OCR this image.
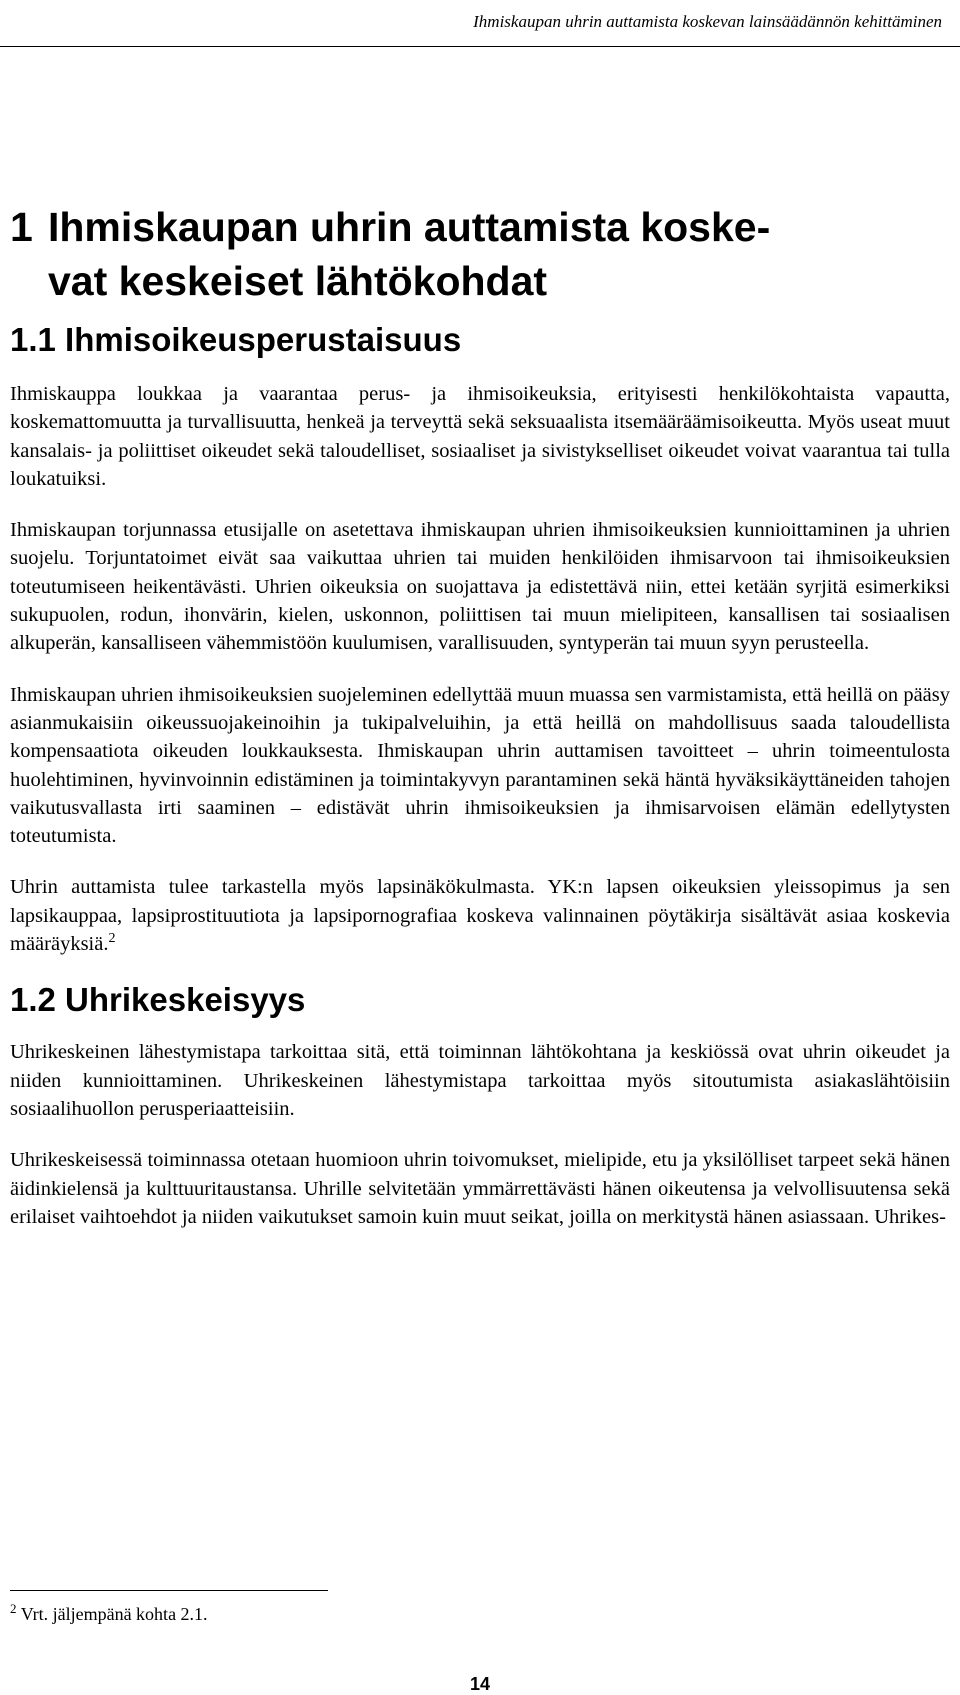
Ihmiskaupan uhrin auttamista koskevan lainsäädännön kehittäminen
1 Ihmiskaupan uhrin auttamista koske-
vat keskeiset lähtökohdat
1.1 Ihmisoikeusperustaisuus

Ihmiskauppa loukkaa ja vaarantaa perus- ja ihmisoikeuksia, erityisesti henkilökohtaista vapautta, koskemattomuutta ja turvallisuutta, henkeä ja terveyttä sekä seksuaalista itsemääräämisoikeutta. Myös useat muut kansalais- ja poliittiset oikeudet sekä taloudelliset, sosiaaliset ja sivistykselliset oikeudet voivat vaarantua tai tulla loukatuiksi.

Ihmiskaupan torjunnassa etusijalle on asetettava ihmiskaupan uhrien ihmisoikeuksien kunnioittaminen ja uhrien suojelu. Torjuntatoimet eivät saa vaikuttaa uhrien tai muiden henkilöiden ihmisarvoon tai ihmisoikeuksien toteutumiseen heikentävästi. Uhrien oikeuksia on suojattava ja edistettävä niin, ettei ketään syrjitä esimerkiksi sukupuolen, rodun, ihonvärin, kielen, uskonnon, poliittisen tai muun mielipiteen, kansallisen tai sosiaalisen alkuperän, kansalliseen vähemmistöön kuulumisen, varallisuuden, syntyperän tai muun syyn perusteella.

Ihmiskaupan uhrien ihmisoikeuksien suojeleminen edellyttää muun muassa sen varmistamista, että heillä on pääsy asianmukaisiin oikeussuojakeinoihin ja tukipalveluihin, ja että heillä on mahdollisuus saada taloudellista kompensaatiota oikeuden loukkauksesta. Ihmiskaupan uhrin auttamisen tavoitteet – uhrin toimeentulosta huolehtiminen, hyvinvoinnin edistäminen ja toimintakyvyn parantaminen sekä häntä hyväksikäyttäneiden tahojen vaikutusvallasta irti saaminen – edistävät uhrin ihmisoikeuksien ja ihmisarvoisen elämän edellytysten toteutumista.

Uhrin auttamista tulee tarkastella myös lapsinäkökulmasta. YK:n lapsen oikeuksien yleissopimus ja sen lapsikauppaa, lapsiprostituutiota ja lapsipornografiaa koskeva valinnainen pöytäkirja sisältävät asiaa koskevia määräyksiä.$^2$

1.2 Uhrikeskeisyys

Uhrikeskeinen lähestymistapa tarkoittaa sitä, että toiminnan lähtökohtana ja keskiössä ovat uhrin oikeudet ja niiden kunnioittaminen. Uhrikeskeinen lähestymistapa tarkoittaa myös sitoutumista asiakaslähtöisiin sosiaalihuollon perusperiaatteisiin.

Uhrikeskeisessä toiminnassa otetaan huomioon uhrin toivomukset, mielipide, etu ja yksilölliset tarpeet sekä hänen äidinkielensä ja kulttuuritaustansa. Uhrille selvitetään ymmärrettävästi hänen oikeutensa ja velvollisuutensa sekä erilaiset vaihtoehdot ja niiden vaikutukset samoin kuin muut seikat, joilla on merkitystä hänen asiassaan. Uhrikes-

$^2$ Vrt. jäljempänä kohta 2.1.
14
